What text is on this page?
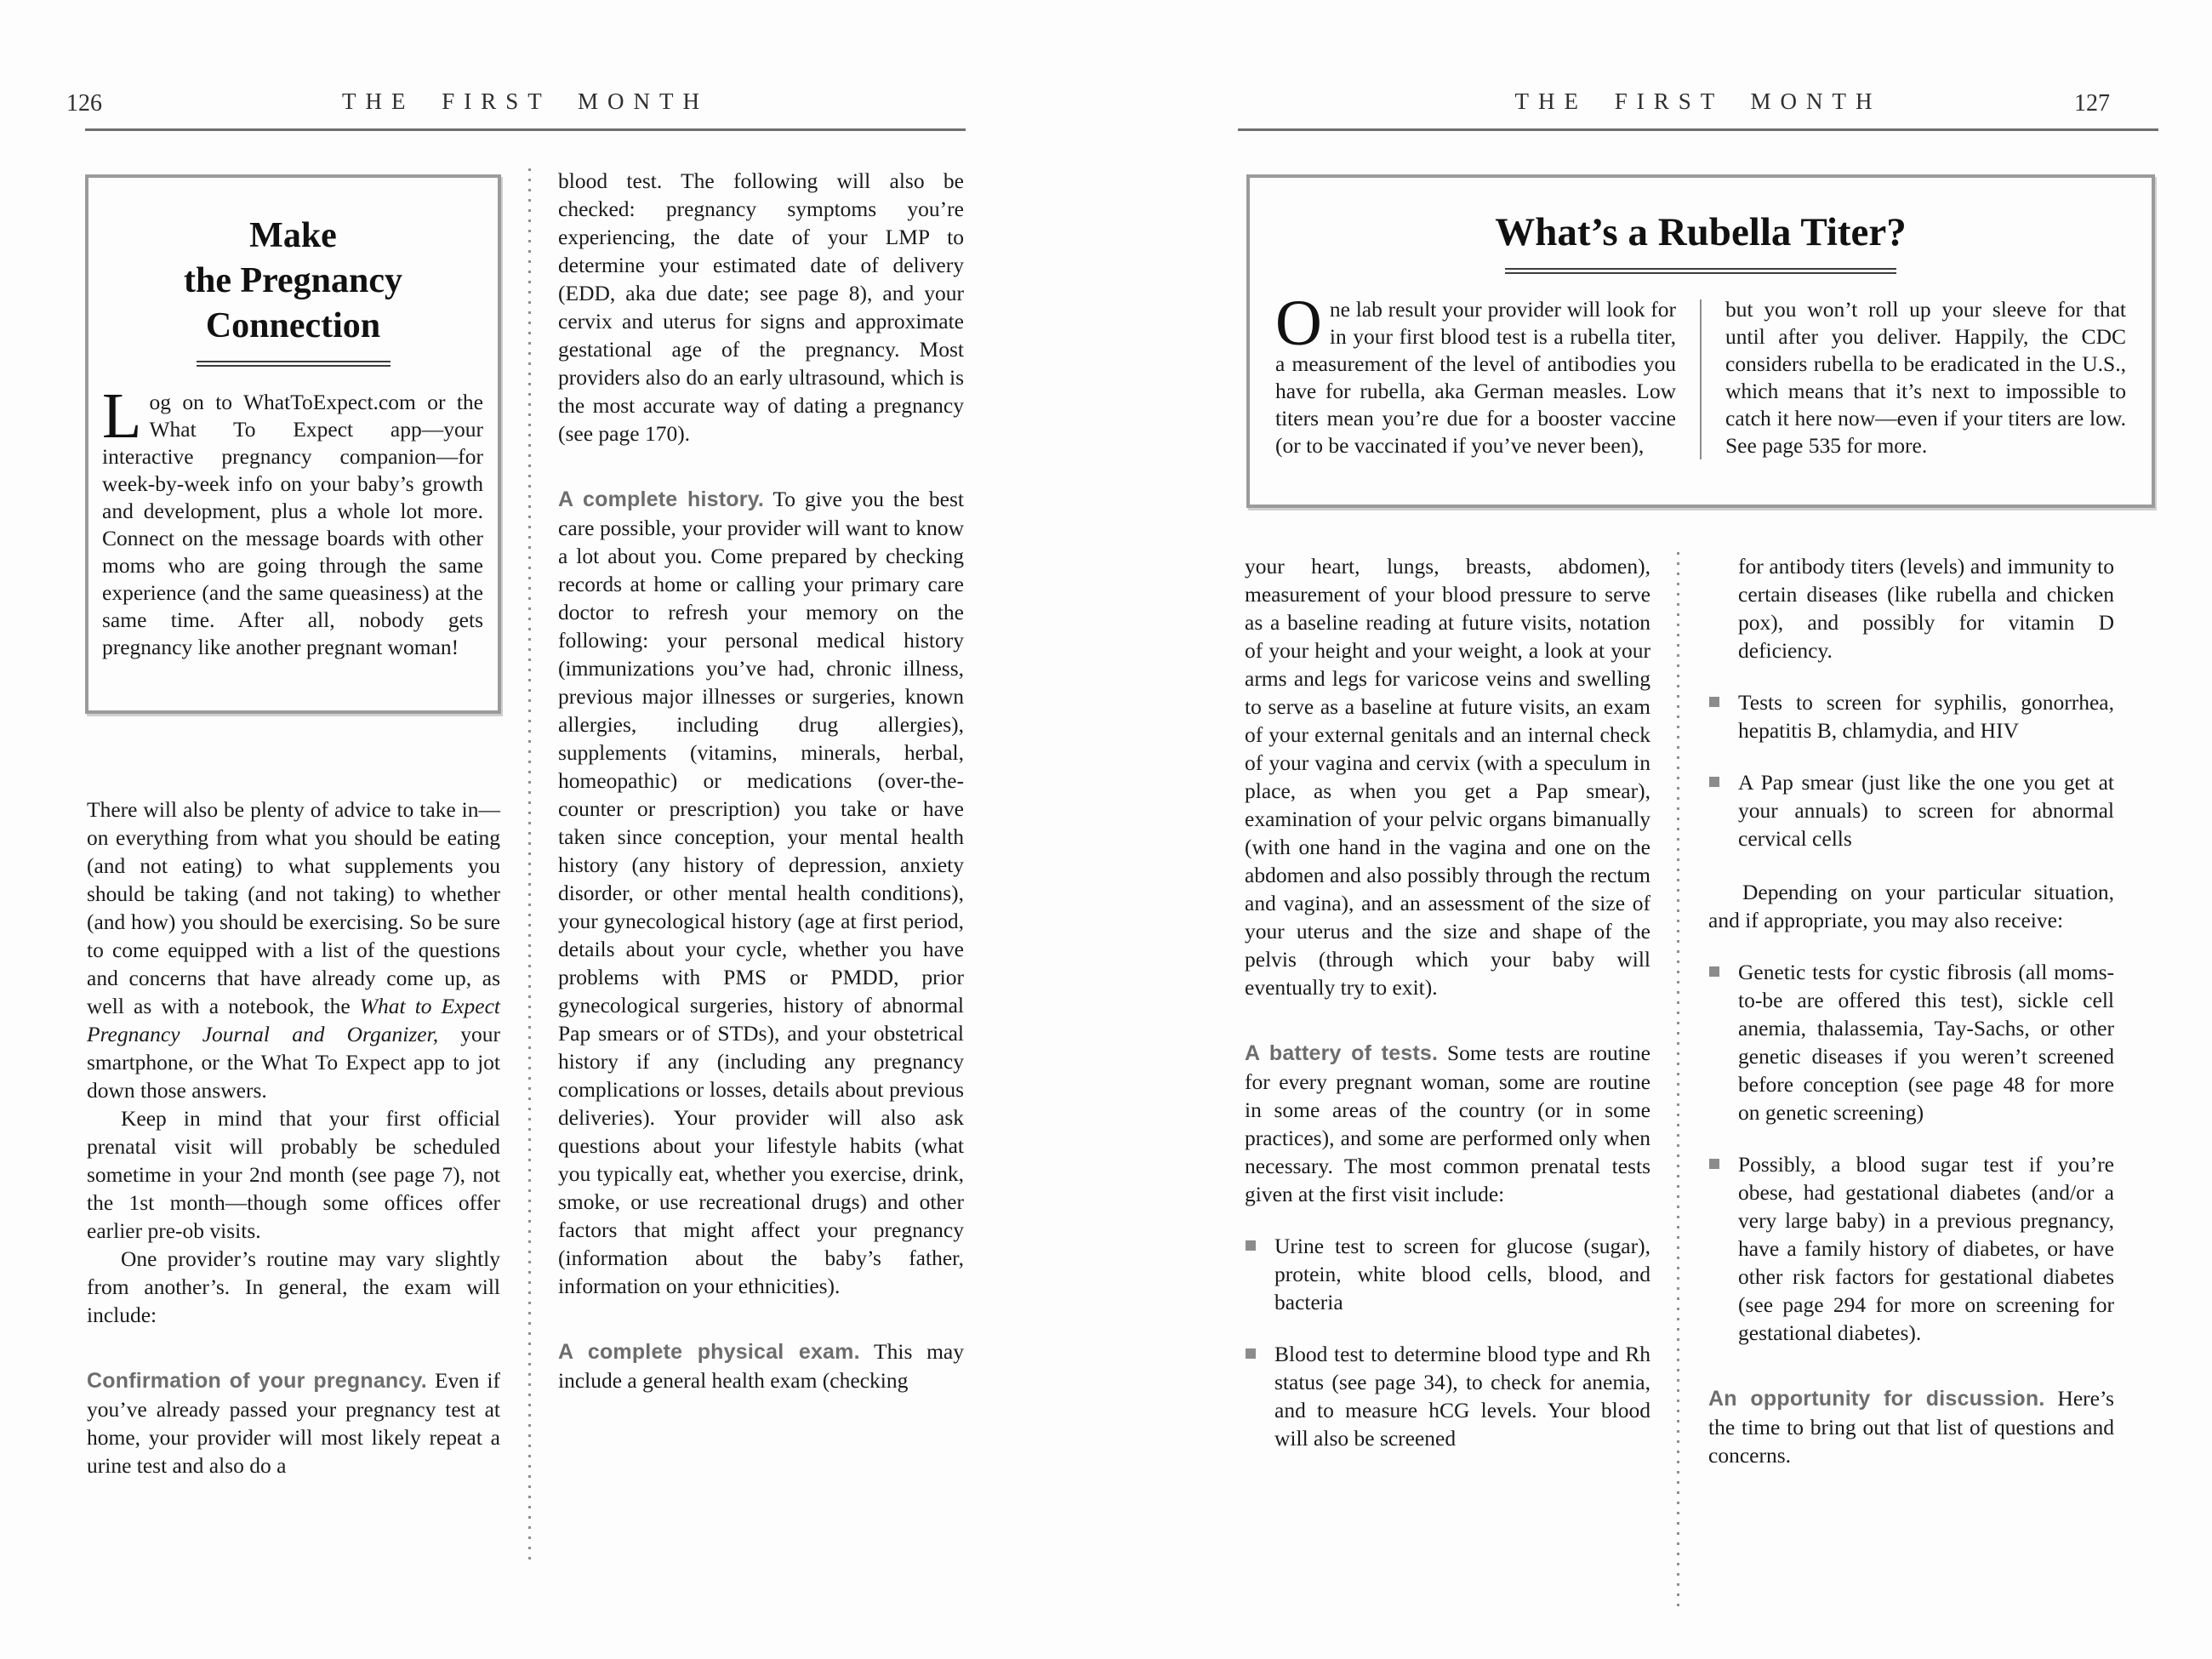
126	THE FIRST MONTH	THE FIRST MONTH	127
Make
the Pregnancy
Connection

Log on to WhatToExpect.com or the What To Expect app—your interactive pregnancy companion—for week-by-week info on your baby’s growth and development, plus a whole lot more. Connect on the message boards with other moms who are going through the same experience (and the same queasiness) at the same time. After all, nobody gets pregnancy like another pregnant woman!

There will also be plenty of advice to take in—on everything from what you should be eating (and not eating) to what supplements you should be taking (and not taking) to whether (and how) you should be exercising. So be sure to come equipped with a list of the questions and concerns that have already come up, as well as with a notebook, the What to Expect Pregnancy Journal and Organizer, your smartphone, or the What To Expect app to jot down those answers.

Keep in mind that your first official prenatal visit will probably be scheduled sometime in your 2nd month (see page 7), not the 1st month—though some offices offer earlier pre-ob visits.

One provider’s routine may vary slightly from another’s. In general, the exam will include:

Confirmation of your pregnancy. Even if you’ve already passed your pregnancy test at home, your provider will most likely repeat a urine test and also do a

blood test. The following will also be checked: pregnancy symptoms you’re experiencing, the date of your LMP to determine your estimated date of delivery (EDD, aka due date; see page 8), and your cervix and uterus for signs and approximate gestational age of the pregnancy. Most providers also do an early ultrasound, which is the most accurate way of dating a pregnancy (see page 170).

A complete history. To give you the best care possible, your provider will want to know a lot about you. Come prepared by checking records at home or calling your primary care doctor to refresh your memory on the following: your personal medical history (immunizations you’ve had, chronic illness, previous major illnesses or surgeries, known allergies, including drug allergies), supplements (vitamins, minerals, herbal, homeopathic) or medications (over-the-counter or prescription) you take or have taken since conception, your mental health history (any history of depression, anxiety disorder, or other mental health conditions), your gynecological history (age at first period, details about your cycle, whether you have problems with PMS or PMDD, prior gynecological surgeries, history of abnormal Pap smears or of STDs), and your obstetrical history if any (including any pregnancy complications or losses, details about previous deliveries). Your provider will also ask questions about your lifestyle habits (what you typically eat, whether you exercise, drink, smoke, or use recreational drugs) and other factors that might affect your pregnancy (information about the baby’s father, information on your ethnicities).

A complete physical exam. This may include a general health exam (checking

What’s a Rubella Titer?

One lab result your provider will look for in your first blood test is a rubella titer, a measurement of the level of antibodies you have for rubella, aka German measles. Low titers mean you’re due for a booster vaccine (or to be vaccinated if you’ve never been),

but you won’t roll up your sleeve for that until after you deliver. Happily, the CDC considers rubella to be eradicated in the U.S., which means that it’s next to impossible to catch it here now—even if your titers are low. See page 535 for more.

your heart, lungs, breasts, abdomen), measurement of your blood pressure to serve as a baseline reading at future visits, notation of your height and your weight, a look at your arms and legs for varicose veins and swelling to serve as a baseline at future visits, an exam of your external genitals and an internal check of your vagina and cervix (with a speculum in place, as when you get a Pap smear), examination of your pelvic organs bimanually (with one hand in the vagina and one on the abdomen and also possibly through the rectum and vagina), and an assessment of the size of your uterus and the size and shape of the pelvis (through which your baby will eventually try to exit).

A battery of tests. Some tests are routine for every pregnant woman, some are routine in some areas of the country (or in some practices), and some are performed only when necessary. The most common prenatal tests given at the first visit include:

Urine test to screen for glucose (sugar), protein, white blood cells, blood, and bacteria
Blood test to determine blood type and Rh status (see page 34), to check for anemia, and to measure hCG levels. Your blood will also be screened

for antibody titers (levels) and immunity to certain diseases (like rubella and chicken pox), and possibly for vitamin D deficiency.

Tests to screen for syphilis, gonorrhea, hepatitis B, chlamydia, and HIV
A Pap smear (just like the one you get at your annuals) to screen for abnormal cervical cells

Depending on your particular situation, and if appropriate, you may also receive:

Genetic tests for cystic fibrosis (all moms-to-be are offered this test), sickle cell anemia, thalassemia, Tay-Sachs, or other genetic diseases if you weren’t screened before conception (see page 48 for more on genetic screening)
Possibly, a blood sugar test if you’re obese, had gestational diabetes (and/or a very large baby) in a previous pregnancy, have a family history of diabetes, or have other risk factors for gestational diabetes (see page 294 for more on screening for gestational diabetes).

An opportunity for discussion. Here’s the time to bring out that list of questions and concerns.
